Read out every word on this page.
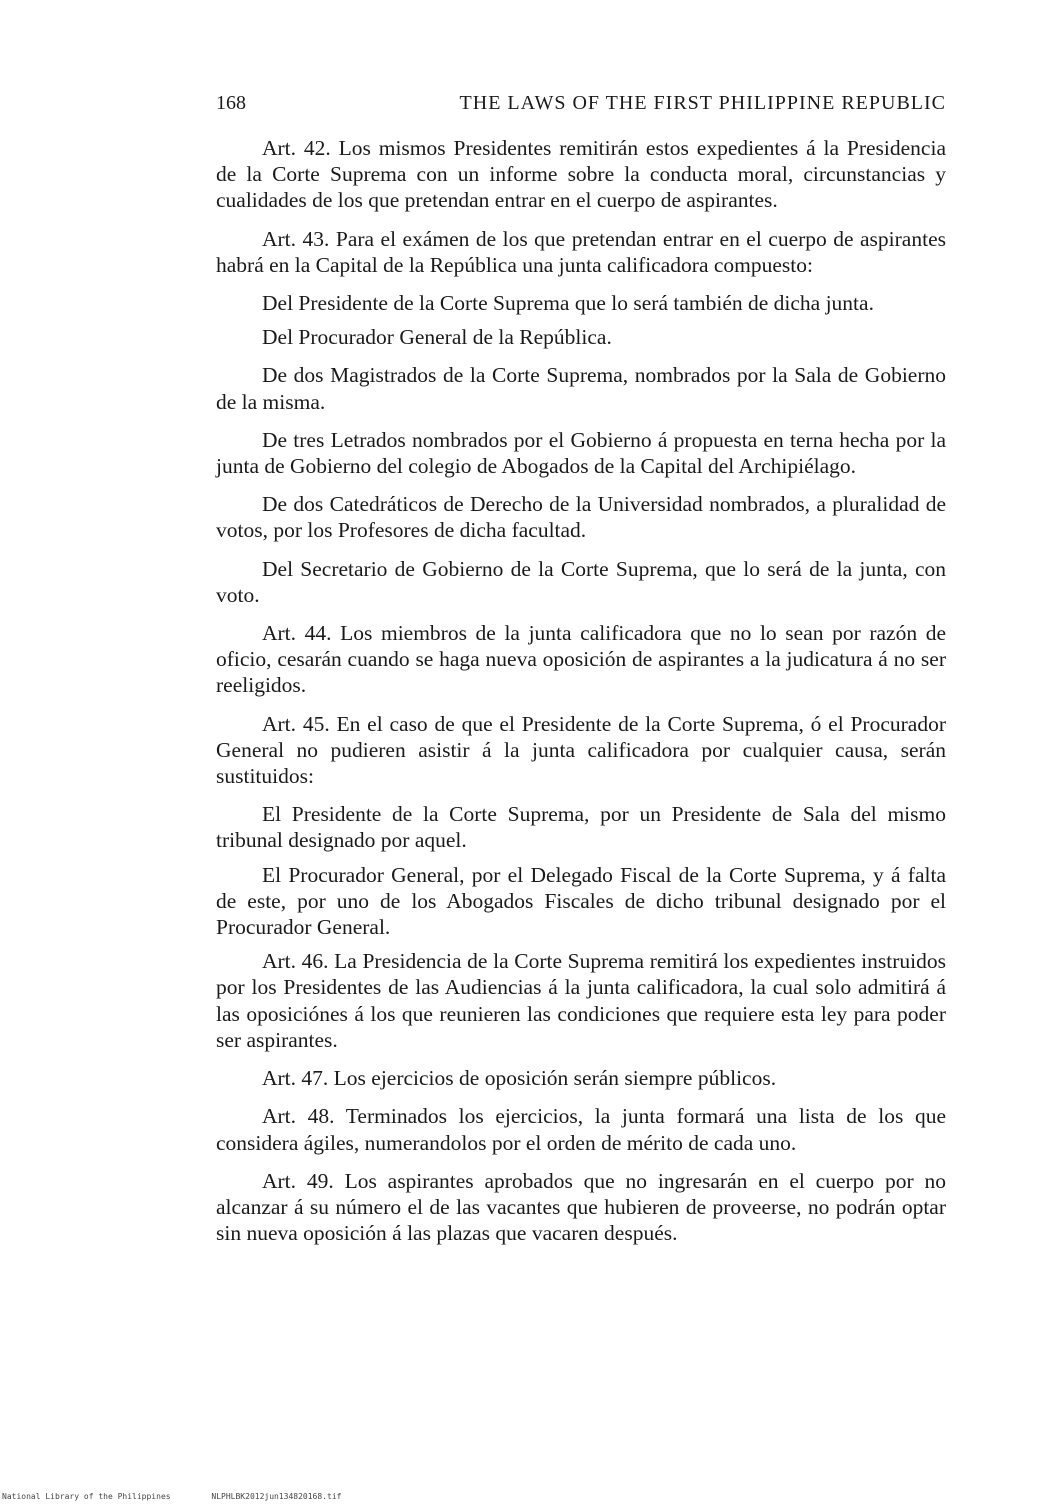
168	THE LAWS OF THE FIRST PHILIPPINE REPUBLIC

Art. 42. Los mismos Presidentes remitirán estos expedientes á la Presidencia de la Corte Suprema con un informe sobre la conducta moral, circunstancias y cualidades de los que pretendan entrar en el cuerpo de aspirantes.

Art. 43. Para el exámen de los que pretendan entrar en el cuerpo de aspirantes habrá en la Capital de la República una junta calificadora compuesto:

Del Presidente de la Corte Suprema que lo será también de dicha junta.

Del Procurador General de la República.

De dos Magistrados de la Corte Suprema, nombrados por la Sala de Gobierno de la misma.

De tres Letrados nombrados por el Gobierno á propuesta en terna hecha por la junta de Gobierno del colegio de Abogados de la Capital del Archipiélago.

De dos Catedráticos de Derecho de la Universidad nombrados, a pluralidad de votos, por los Profesores de dicha facultad.

Del Secretario de Gobierno de la Corte Suprema, que lo será de la junta, con voto.

Art. 44. Los miembros de la junta calificadora que no lo sean por razón de oficio, cesarán cuando se haga nueva oposición de aspirantes a la judicatura á no ser reeligidos.

Art. 45. En el caso de que el Presidente de la Corte Suprema, ó el Procurador General no pudieren asistir á la junta calificadora por cualquier causa, serán sustituidos:

El Presidente de la Corte Suprema, por un Presidente de Sala del mismo tribunal designado por aquel.

El Procurador General, por el Delegado Fiscal de la Corte Suprema, y á falta de este, por uno de los Abogados Fiscales de dicho tribunal designado por el Procurador General.

Art. 46. La Presidencia de la Corte Suprema remitirá los expedientes instruidos por los Presidentes de las Audiencias á la junta calificadora, la cual solo admitirá á las oposiciónes á los que reunieren las condiciones que requiere esta ley para poder ser aspirantes.

Art. 47. Los ejercicios de oposición serán siempre públicos.

Art. 48. Terminados los ejercicios, la junta formará una lista de los que considera ágiles, numerandolos por el orden de mérito de cada uno.

Art. 49. Los aspirantes aprobados que no ingresarán en el cuerpo por no alcanzar á su número el de las vacantes que hubieren de proveerse, no podrán optar sin nueva oposición á las plazas que vacaren después.

National Library of the Philippines	NLPHLBK2012jun134820168.tif
